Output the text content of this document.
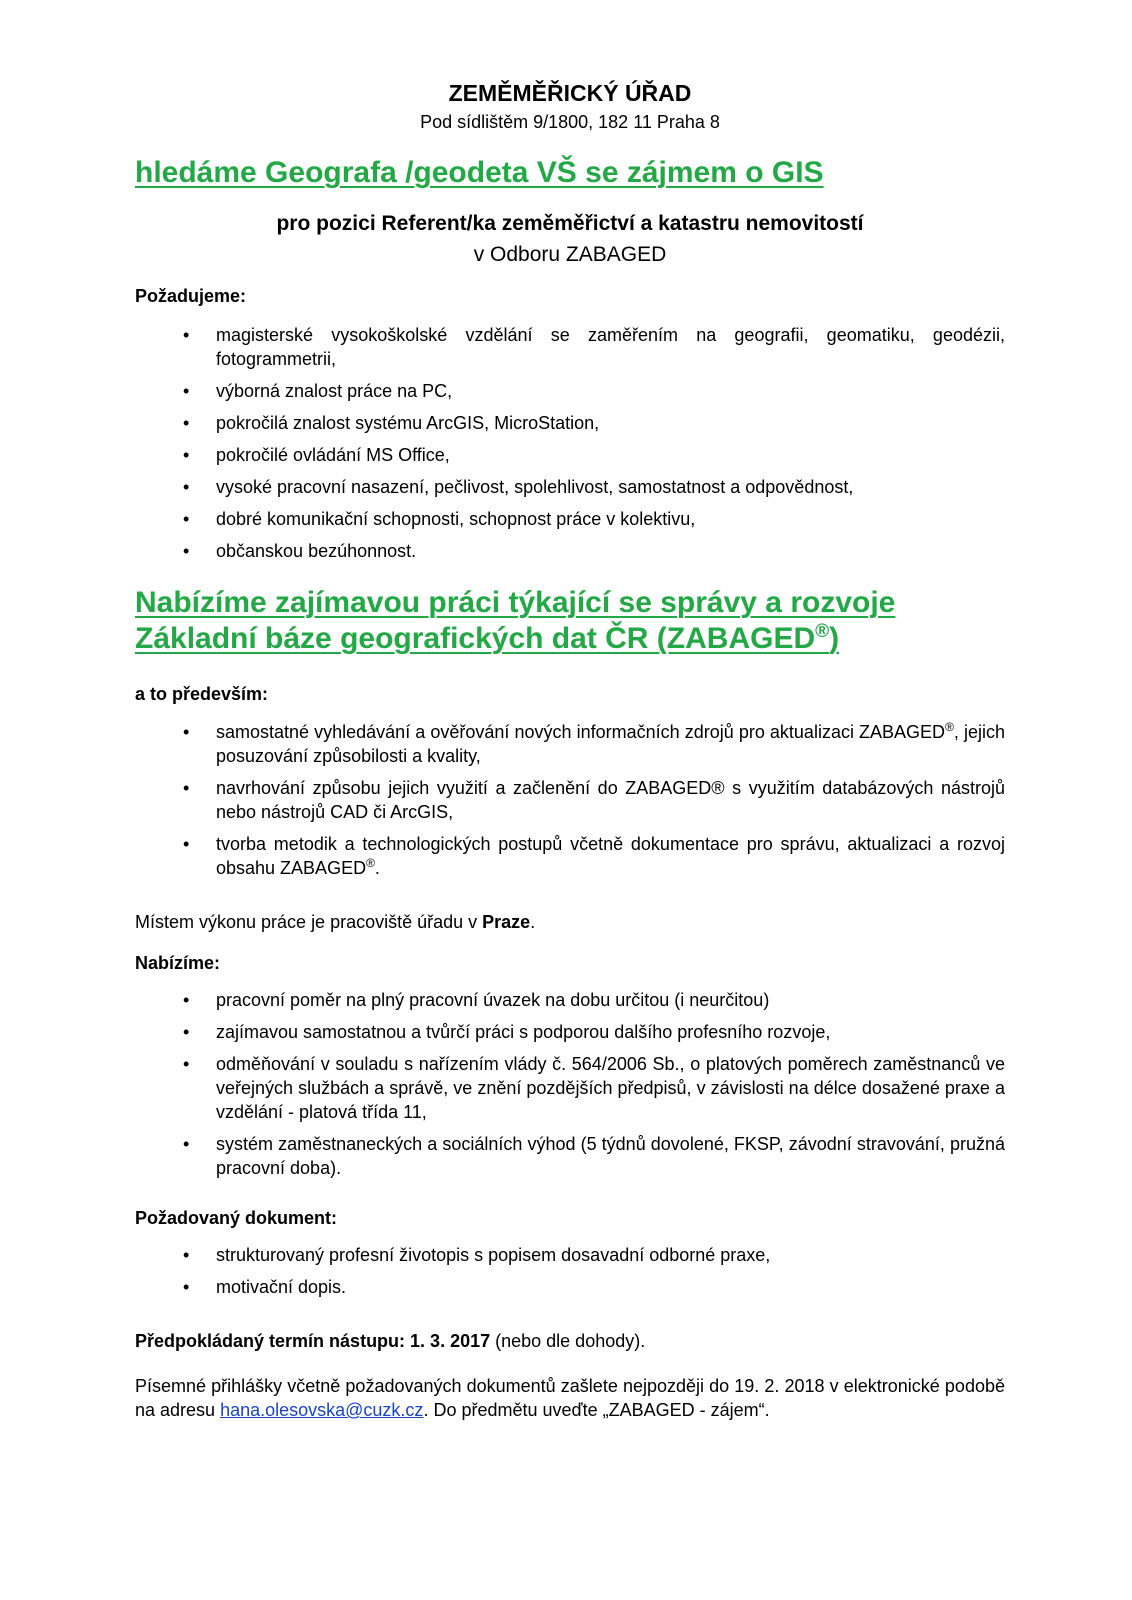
ZEMĚMĚŘICKÝ ÚŘAD
Pod sídlištěm 9/1800, 182 11 Praha 8
hledáme Geografa /geodeta VŠ se zájmem o GIS
pro pozici Referent/ka zeměměřictví a katastru nemovitostí
v Odboru ZABAGED
Požadujeme:
• magisterské vysokoškolské vzdělání se zaměřením na geografii, geomatiku, geodézii, fotogrammetrii,
• výborná znalost práce na PC,
• pokročilá znalost systému ArcGIS, MicroStation,
• pokročilé ovládání MS Office,
• vysoké pracovní nasazení, pečlivost, spolehlivost, samostatnost a odpovědnost,
• dobré komunikační schopnosti, schopnost práce v kolektivu,
• občanskou bezúhonnost.
Nabízíme zajímavou práci týkající se správy a rozvoje
Základní báze geografických dat ČR (ZABAGED®)
a to především:
• samostatné vyhledávání a ověřování nových informačních zdrojů pro aktualizaci ZABAGED®, jejich posuzování způsobilosti a kvality,
• navrhování způsobu jejich využití a začlenění do ZABAGED® s využitím databázových nástrojů nebo nástrojů CAD či ArcGIS,
• tvorba metodik a technologických postupů včetně dokumentace pro správu, aktualizaci a rozvoj obsahu ZABAGED®.
Místem výkonu práce je pracoviště úřadu v Praze.
Nabízíme:
• pracovní poměr na plný pracovní úvazek na dobu určitou (i neurčitou)
• zajímavou samostatnou a tvůrčí práci s podporou dalšího profesního rozvoje,
• odměňování v souladu s nařízením vlády č. 564/2006 Sb., o platových poměrech zaměstnanců ve veřejných službách a správě, ve znění pozdějších předpisů, v závislosti na délce dosažené praxe a vzdělání - platová třída 11,
• systém zaměstnaneckých a sociálních výhod (5 týdnů dovolené, FKSP, závodní stravování, pružná pracovní doba).
Požadovaný dokument:
• strukturovaný profesní životopis s popisem dosavadní odborné praxe,
• motivační dopis.
Předpokládaný termín nástupu: 1. 3. 2017 (nebo dle dohody).
Písemné přihlášky včetně požadovaných dokumentů zašlete nejpozději do 19. 2. 2018 v elektronické podobě na adresu hana.olesovska@cuzk.cz. Do předmětu uveďte „ZABAGED - zájem“.
